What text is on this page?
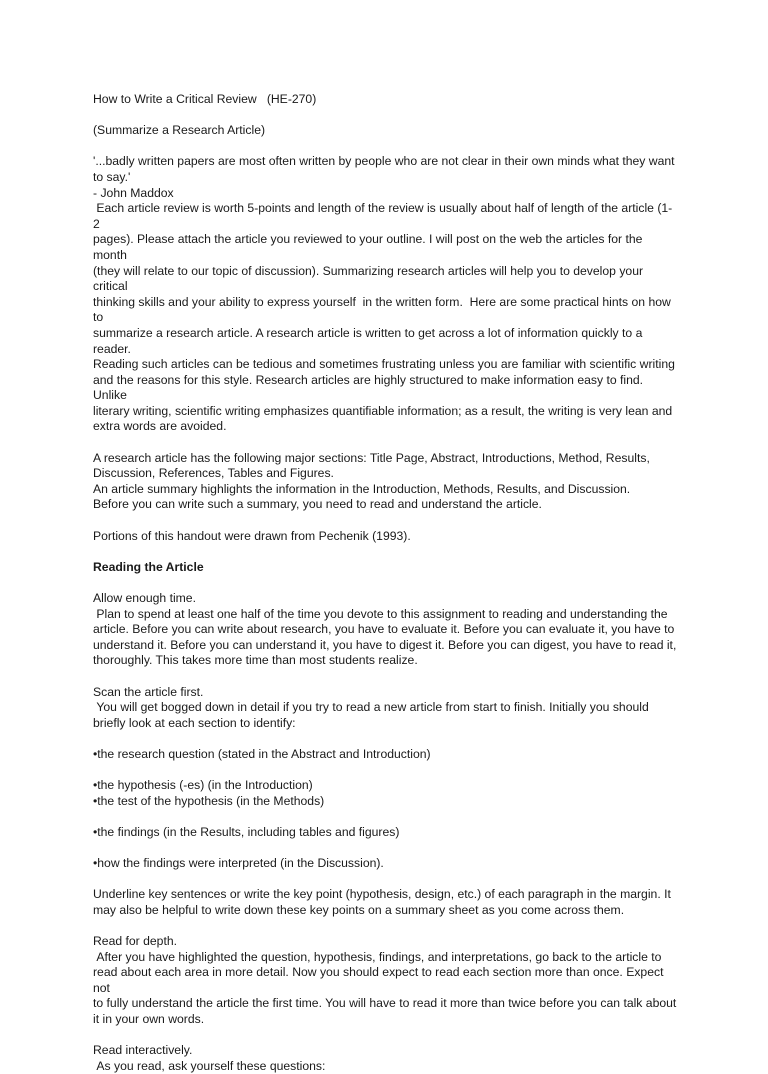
How to Write a Critical Review   (HE-270)

(Summarize a Research Article)

'...badly written papers are most often written by people who are not clear in their own minds what they want

to say.'

- John Maddox

Each article review is worth 5-points and length of the review is usually about half of length of the article (1-2

pages). Please attach the article you reviewed to your outline. I will post on the web the articles for the month

(they will relate to our topic of discussion). Summarizing research articles will help you to develop your critical

thinking skills and your ability to express yourself  in the written form.  Here are some practical hints on how to

summarize a research article. A research article is written to get across a lot of information quickly to a reader.

Reading such articles can be tedious and sometimes frustrating unless you are familiar with scientific writing

and the reasons for this style. Research articles are highly structured to make information easy to find. Unlike

literary writing, scientific writing emphasizes quantifiable information; as a result, the writing is very lean and

extra words are avoided.

A research article has the following major sections: Title Page, Abstract, Introductions, Method, Results,

Discussion, References, Tables and Figures.

An article summary highlights the information in the Introduction, Methods, Results, and Discussion.

Before you can write such a summary, you need to read and understand the article.

Portions of this handout were drawn from Pechenik (1993).

Reading the Article

Allow enough time.

Plan to spend at least one half of the time you devote to this assignment to reading and understanding the

article. Before you can write about research, you have to evaluate it. Before you can evaluate it, you have to

understand it. Before you can understand it, you have to digest it. Before you can digest, you have to read it,

thoroughly. This takes more time than most students realize.

Scan the article first.

You will get bogged down in detail if you try to read a new article from start to finish. Initially you should

briefly look at each section to identify:

•the research question (stated in the Abstract and Introduction)

•the hypothesis (-es) (in the Introduction)

•the test of the hypothesis (in the Methods)

•the findings (in the Results, including tables and figures)

•how the findings were interpreted (in the Discussion).

Underline key sentences or write the key point (hypothesis, design, etc.) of each paragraph in the margin. It

may also be helpful to write down these key points on a summary sheet as you come across them.

Read for depth.

After you have highlighted the question, hypothesis, findings, and interpretations, go back to the article to

read about each area in more detail. Now you should expect to read each section more than once. Expect not

to fully understand the article the first time. You will have to read it more than twice before you can talk about

it in your own words.

Read interactively.

As you read, ask yourself these questions:
